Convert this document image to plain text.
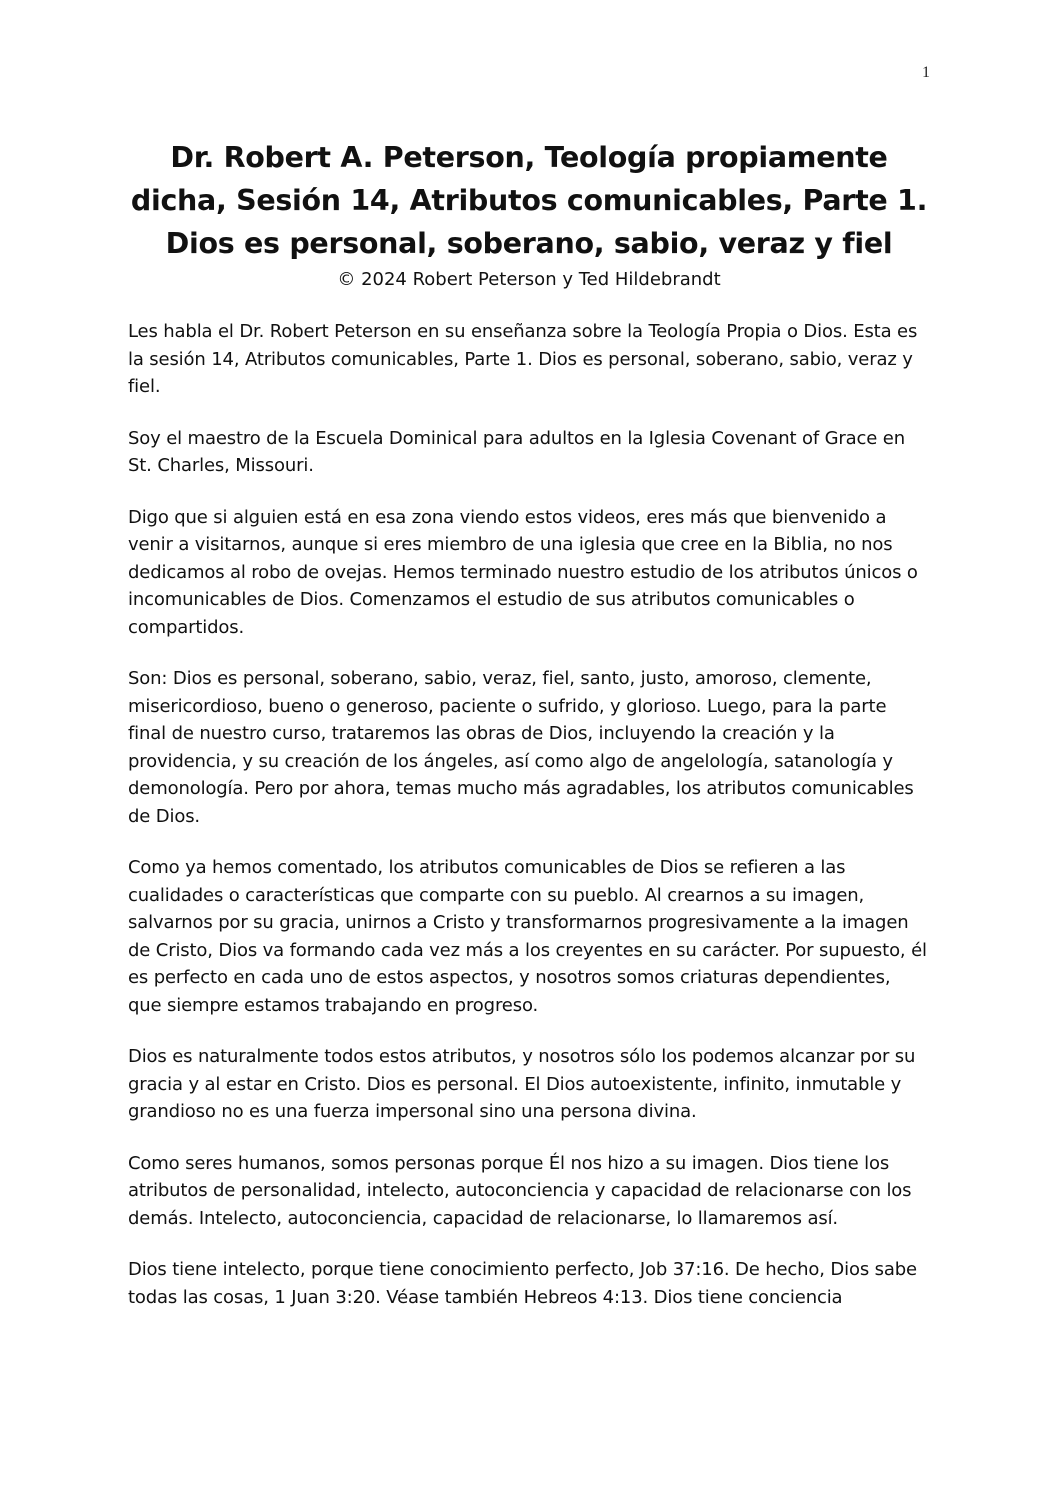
1
Dr. Robert A. Peterson, Teología propiamente
dicha, Sesión 14, Atributos comunicables, Parte 1.
Dios es personal, soberano, sabio, veraz y fiel

© 2024 Robert Peterson y Ted Hildebrandt

Les habla el Dr. Robert Peterson en su enseñanza sobre la Teología Propia o Dios. Esta es la sesión 14, Atributos comunicables, Parte 1. Dios es personal, soberano, sabio, veraz y fiel.

Soy el maestro de la Escuela Dominical para adultos en la Iglesia Covenant of Grace en St. Charles, Missouri.

Digo que si alguien está en esa zona viendo estos videos, eres más que bienvenido a venir a visitarnos, aunque si eres miembro de una iglesia que cree en la Biblia, no nos dedicamos al robo de ovejas. Hemos terminado nuestro estudio de los atributos únicos o incomunicables de Dios. Comenzamos el estudio de sus atributos comunicables o compartidos.

Son: Dios es personal, soberano, sabio, veraz, fiel, santo, justo, amoroso, clemente, misericordioso, bueno o generoso, paciente o sufrido, y glorioso. Luego, para la parte final de nuestro curso, trataremos las obras de Dios, incluyendo la creación y la providencia, y su creación de los ángeles, así como algo de angelología, satanología y demonología. Pero por ahora, temas mucho más agradables, los atributos comunicables de Dios.

Como ya hemos comentado, los atributos comunicables de Dios se refieren a las cualidades o características que comparte con su pueblo. Al crearnos a su imagen, salvarnos por su gracia, unirnos a Cristo y transformarnos progresivamente a la imagen de Cristo, Dios va formando cada vez más a los creyentes en su carácter. Por supuesto, él es perfecto en cada uno de estos aspectos, y nosotros somos criaturas dependientes, que siempre estamos trabajando en progreso.

Dios es naturalmente todos estos atributos, y nosotros sólo los podemos alcanzar por su gracia y al estar en Cristo. Dios es personal. El Dios autoexistente, infinito, inmutable y grandioso no es una fuerza impersonal sino una persona divina.

Como seres humanos, somos personas porque Él nos hizo a su imagen. Dios tiene los atributos de personalidad, intelecto, autoconciencia y capacidad de relacionarse con los demás. Intelecto, autoconciencia, capacidad de relacionarse, lo llamaremos así.

Dios tiene intelecto, porque tiene conocimiento perfecto, Job 37:16. De hecho, Dios sabe todas las cosas, 1 Juan 3:20. Véase también Hebreos 4:13. Dios tiene conciencia
